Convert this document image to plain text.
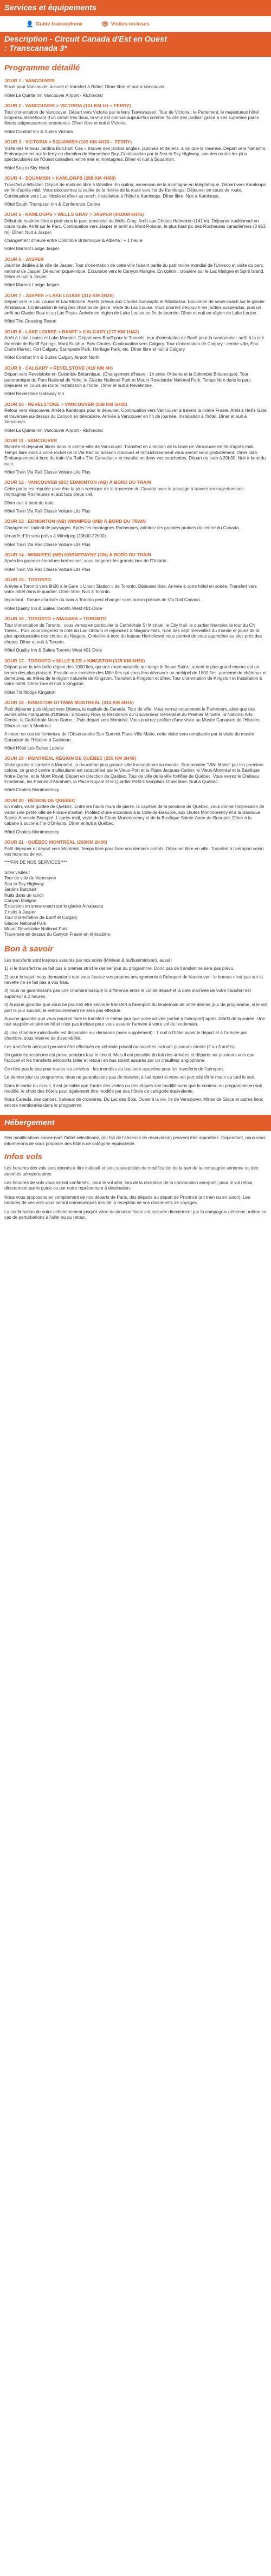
Services et équipements
👤 Guide francophone	👁 Visites incluses
Description - Circuit Canada d'Est en Ouest
: Transcanada 3*
Programme détaillé
JOUR 1 - VANCOUVER

Envol pour Vancouver, accueil et transfert à l'hôtel. Dîner libre et nuit à Vancouver.

Hôtel La Quinta Inn Vancouver Airport - Richmond

JOUR 2 - VANCOUVER > VICTORIA (101 KM 1H + FERRY)

Tour d'orientation de Vancouver. Départ vers Victoria par le ferry Tsawwassen. Tour de Victoria : le Parlement, le majestueux hôtel Empress. Bénéficiant d'un climat très doux, la ville est connue aujourd'hui comme "la cité des jardins" grâce à ses superbes parcs fleuris soigneusement entretenus. Dîner libre et nuit à Victoria.

Hôtel Comfort Inn & Suites Victoria

JOUR 3 - VICTORIA > SQUAMISH (102 KM 4H30 + FERRY)

Visite des fameux Jardins Butchart. Ces « trouver des jardins anglais, japonais et italiens, ainsi que la roseraie. Départ vers Nanaimo. Embarquement sur le ferry en direction de Horseshoe Bay. Continuation par la Sea to Sky Highway, une des routes les plus spectaculaires de l'Ouest canadien, entre mer et montagnes. Dîner et nuit à Squamish.

Hôtel Sea to Sky Hotel

JOUR 4 - SQUAMISH > KAMLOOPS (299 KM 4H00)

Transfert à Whistler. Départ de matinée libre à Whistler. En option, ascension de la montagne en téléphérique. Départ vers Kamloops en fin d'après-midi. Vous découvrirez la vallée de la rivière de la route vers l'or de Kamloops. Déjeuner en cours de route. Continuation vers Lac Nicola et dîner au ranch. Installation à l'hôtel à Kamloops. Dîner libre. Nuit à Kamloops.

Hôtel South Thompson Inn & Conference Centre

JOUR 5 - KAMLOOPS > WELLS GRAY > JASPER (441KM 6H45)

Début de matinée libre à pied vous le parc provincial de Wells Gray. Arrêt aux Chutes Helmcken (141 m). Déjeuner traditionnel en cours route. Arrêt sur le Parc. Continuation vers Jasper et arrêt au Mont Robson, le plus haut pic des Rocheuses canadiennes (3 953 m). Dîner. Nuit à Jasper.

Changement d'heure entre Colombie Britannique & Alberta : + 1 heure

Hôtel Marmot Lodge Jasper

JOUR 6 - JASPER

Journée dédiée à la ville de Jasper. Tour d'orientation de cette ville faisant partie du patrimoine mondial de l'Unesco et visite du parc national de Jasper. Déjeuner pique-nique. Excursion vers le Canyon Maligne. En option : croisière sur le Lac Maligne et Spirit Island. Dîner et nuit à Jasper.

Hôtel Marmot Lodge Jasper

JOUR 7 - JASPER > LAKE LOUISE (312 KM 3H25)

Départ vers le Lac Louise et Lac Moraine. Arrêts prévus aux Chutes Sunwapta et Athabasca. Excursion de snow-coach sur le glacier Athabasca. Continuation le long des champs de glace. Visite du Lac Louise. Vous pourrez découvrir les jardins suspendus, puis un arrêt au Glacier Bow et au Lac Peyto. Arrivée en région de Lake Louise en fin de journée. Dîner et nuit en région de Lake Louise.

Hôtel The Crossing Resort

JOUR 8 - LAKE LOUISE > BANFF > CALGARY (177 KM 1H42)

Arrêt à Lake Louise et Lake Moraine. Départ vers Banff pour le Tunnels, tour d'orientation de Banff pour la randonnée : arrêt à la cité thermale de Banff Springs, Mont Sulphur. Bow Chutes. Continuation vers Calgary. Tour d'orientation de Calgary : centre-ville, Eau Claire Market, Fort Calgary, Stampede Park, Heritage Park, etc. Dîner libre et nuit à Calgary.

Hôtel Comfort Inn & Suites Calgary Airport North

JOUR 9 - CALGARY > REVELSTOKE (410 KM 4H)

Départ vers Revelstoke en Colombie Britannique. (Changement d'heure : 1h entre l'Alberta et la Colombie Britannique). Tour panoramique du Parc National de Yoho, le Glacier National Park et Mount Revelstoke National Park. Temps libre dans le parc. Déjeuner en cours de route. Installation à l'hôtel. Dîner et nuit à Revelstoke.

Hôtel Revelstoke Gateway Inn

JOUR 10 - REVELSTOKE > VANCOUVER (558 KM 5H30)

Retour vers Vancouver. Arrêt à Kamloops pour le déjeuner. Continuation vers Vancouver à travers la rivière Fraser. Arrêt à Hell's Gate et traversée au-dessus du Canyon en télécabine. Arrivée à Vancouver en fin de journée. Installation à l'hôtel. Dîner et nuit à Vancouver.

Hôtel La Quinta Inn Vancouver Airport - Richmond

JOUR 11 - VANCOUVER

Matinée et déjeuner libres dans le centre-ville de Vancouver. Transfert en direction de la Gare de Vancouver en fin d'après-midi. Temps libre alors à votre rocket de la Via Rail où boisson d'accueil et rafraîchissement vous seront servi gratuitement. Dîner libre. Embarquement à bord du train Via Rail « The Canadian » et installation dans vos couchettes. Départ du train à 20h30. Nuit à bord du train.

Hôtel Train Via Rail Classe Voiture-Lits Plus

JOUR 12 - VANCOUVER (BC) EDMONTON (AB) À BORD DU TRAIN

Cette partie est réputée pour être la plus scénique de la traversée du Canada avec le passage à travers les majestueuses montagnes Rocheuses et aux lacs bleus ciel.

Dîner nuit à bord du train.

Hôtel Train Via Rail Classe Voiture-Lits Plus

JOUR 13 - EDMONTON (AB) WINNIPEG (MB) À BORD DU TRAIN

Changement radical de paysages. Après les montagnes Rocheuses, admirez les grandes prairies du centre du Canada.

Un arrêt d'1h sera prévu à Winnipeg (20h00-22h00)

Hôtel Train Via Rail Classe Voiture-Lits Plus

JOUR 14 - WINNIPEG (MB) HORNEPAYNE (ON) À BORD DU TRAIN

Après les grandes étendues herbeuses, vous longerez les grands lacs de l'Ontario.

Hôtel Train Via Rail Classe Voiture-Lits Plus

JOUR 15 - TORONTO

Arrivée à Toronto vers 9h30 à la Gare « Union Station » de Toronto. Déjeuner libre. Arrivée à votre hôtel en soirée. Transfert vers votre hôtel dans le quartier. Dîner libre. Nuit à Toronto.

Important : l'heure d'arrivée du train à Toronto peut changer sans aucun préavis de Via Rail Canada.

Hôtel Quality Inn & Suites Toronto West 401-Dixie

JOUR 16 - TORONTO > NIAGARA > TORONTO

Tour d'orientation de Toronto : vous verrez en particulier la Cathédrale St Michael, le City Hall, le quartier financier, la tour du CN Tower... Puis vous longerez la côte du Lac Ontario et rejoindrez à Niagara Falls, l'une des sept merveilles du monde et jouez de la plus spectaculaire des chutes du Niagara. Croisière à bord du bateau Hornblower vous permet de vous approcher au plus près des chutes. Dîner et nuit à Toronto.

Hôtel Quality Inn & Suites Toronto West 401-Dixie

JOUR 17 - TORONTO > MILLE ILES > KINGSTON (325 KM 3H50)

Départ pour la très belle région des 1000 Iles, qui une route naturelle qui longe le fleuve Saint-Laurent le plus grand encore est un terrain des plus plaisant. Ensuite une croisière des Mille Iles qui vous fera découvrir un archipel de 1800 îles, parsemé de châteaux et demeures, au milieu de la région naturelle de Kingston. Transfert à Kingston et dîner. Tour d'orientation de Kingston et Installation à votre hôtel. Dîner libre et nuit à Kingston.

Hôtel Thriftlodge Kingston

JOUR 18 - KINGSTON OTTAWA MONTREAL (314 KM 4H15)

Petit déjeuner puis départ vers Ottawa, la capitale du Canada. Tour de ville. Vous verrez notamment le Parlement, ainsi que des autres sites marquants d'Ottawa : Embassy Row, la Résidence du Gouverneur Général et du Premier Ministre, la National Arts Centre, la Cathédrale Notre-Dame... Puis départ vers Montréal. Vous pourrez profiter d'une visite au Musée Canadien de l'Histoire. Dîner et nuit à Montréal.

A noter: en cas de fermeture de l'Observatoire Sun Summit Place Ville Marie, cette visite sera remplacée par la visite du musée Canadien de l'Histoire à Gatineau.

Hôtel Hôtel Les Suites Labelle

JOUR 19 - MONTRÉAL RÉGION DE QUÉBEC (255 KM 3H40)

Visite guidée à l'arrivée à Montréal, la deuxième plus grande ville francophone au monde. Surnommée "Ville Marie" par les premiers colons, ce grand centre multiculturel est caractérisé par le Vieux-Port et la Place Jacques-Cartier, le Vieux-Montréal et la Basilique Notre-Dame, et le Mont Royal. Départ en direction de Québec. Tour de ville de la ville fortifiée de Québec. Vous verrez le Château Frontenac, les Plaines d'Abraham, la Place Royale et le Quartier Petit-Champlain. Dîner libre. Nuit à Québec.

Hôtel Chalets Montmorency

JOUR 20 - RÉGION DE QUÉBEC

En matin, visite guidée de Québec. Entre les hauts murs de pierre, la capitale de la province de Québec, vous donne l'impression de visiter une petite ville de France d'antan. Profitez d'une excursion à la Côte-de-Beaupré, aux chutes Montmorency et à la Basilique Sainte-Anne-de-Beaupré. L'après-midi, visite de la Chute Montmorency et de la Basilique Sainte-Anne-de-Beaupré. Dîner à la cabane à sucre à l'île d'Orléans. Dîner et nuit à Québec.

Hôtel Chalets Montmorency

JOUR 21 - QUÉBEC MONTRÉAL (250KM 2H30)

Petit déjeuner et départ vers Montréal. Temps libre pour faire vos derniers achats. Déjeuner libre en ville. Transfert à l'aéroport selon vos horaires de vol.

****FIN DE NOS SERVICES****

Sites visités :

Tour de ville de Vancouver

Sea to Sky Highway

Jardins Butchart

Nuits dans un ranch

Canyon Maligne

Excursion en snow-coach sur le glacier Athabasca

2 nuits à Jasper

Tour d'orientation de Banff et Calgary

Glacier National Park

Mount Revelstoke National Park

Traversée en dessus du Canyon Fraser en télécabine.

Bon à savoir

Les transferts sont toujours assurés par nos soins (Minivan & ou/bus/minivan), aussi :

1) si le transfert ne se fait pas à premier strict le dernier jour du programme. Donc pas de transfert ne sera pas prévu.

2) pour le trajet, nous demandons que vous fassiez vos propres arrangements à l'aéroport de Vancouver : le bureau n'est pas sur la navette ne se fait pas à vos frais.

3) nous ne garantissons pas une chambre lorsque la différence entre le vol de départ et la date d'arrivée de votre transfert est supérieur à 2 heures.

3) Aucune garantie que vous ne pourrez être servis le transfert à l'aéroport du lendemain de votre dernier jour de programme, si le vol part le jour suivant, le remboursement ne sera pas effectué.

Aucune garantie que vous pourrez faire le transfert le même jour que votre arrivée (arrivé à l'aéroport) après 18h00 de la soirée. Une nuit supplémentaire en hôtel n'est pas incluse pour vous assurer l'arrivée à votre vol du lendemain.

4) Une chambre individuelle est disponible sur demande (avec supplément) : 1 nuit à l'hôtel avant le départ et à l'arrivée par chambre, sous réserve de disponibilité.

Les transferts aéroport peuvent être effectués en véhicule privatif ou navettes incluant plusieurs clients (2 ou 3 arrêts).

Un guide francophone est prévu pendant tout le circuit. Mais il est possible du fait des arrivées et départs sur plusieurs vols que l'accueil et les transferts aéroports (aller et retour) en bus soient assurés par un chauffeur anglophone.

Ce n'est pas le cas pour toutes les arrivées - les montées au bus sont assurées pour les transferts de l'aéroport.

Le dernier jour du programme, nous ne garantissons pas de transfert à l'aéroport si votre vol part très tôt le matin ou tard le soir.

Dans le cadre du circuit, il est possible que l'ordre des visites ou des étapes soit modifié sans que le contenu du programme en soit modifié, le choix des hôtels peut également être modifié par des hôtels de catégorie équivalente.

Nous Canada, des canoës, bateaux de croisières, Du Lac des Bois, Ouest à la vie, Ile de Vancouver, Mines de Glace et autres lieux encore mentionnés dans le programme.

Hébergement

Des modifications concernant l'hôtel sélectionné, (du fait de l'absence de réservation) peuvent être apportées. Cependant, nous vous informerons de vous proposer des hôtels de catégorie équivalente.

Infos vols

Les horaires des vols sont donnés à titre indicatif et sont susceptibles de modification de la part de la compagnie aérienne ou des autorités aéroportuaires.

Les horaires de vols vous seront confirmés : pour le vol aller, lors de la réception de la convocation aéroport ; pour le vol retour directement par le guide ou par notre représentant à destination.

Nous vous proposons en complément de nos départs de Paris, des départs au départ de Province (en train ou en avion). Les horaires de ces vols vous seront communiqués lors de la réception de vos documents de voyages.

La confirmation de votre acheminement jusqu'à votre destination finale est assurée directement par la compagnie aérienne, même en cas de perturbations à l'aller ou au retour.
